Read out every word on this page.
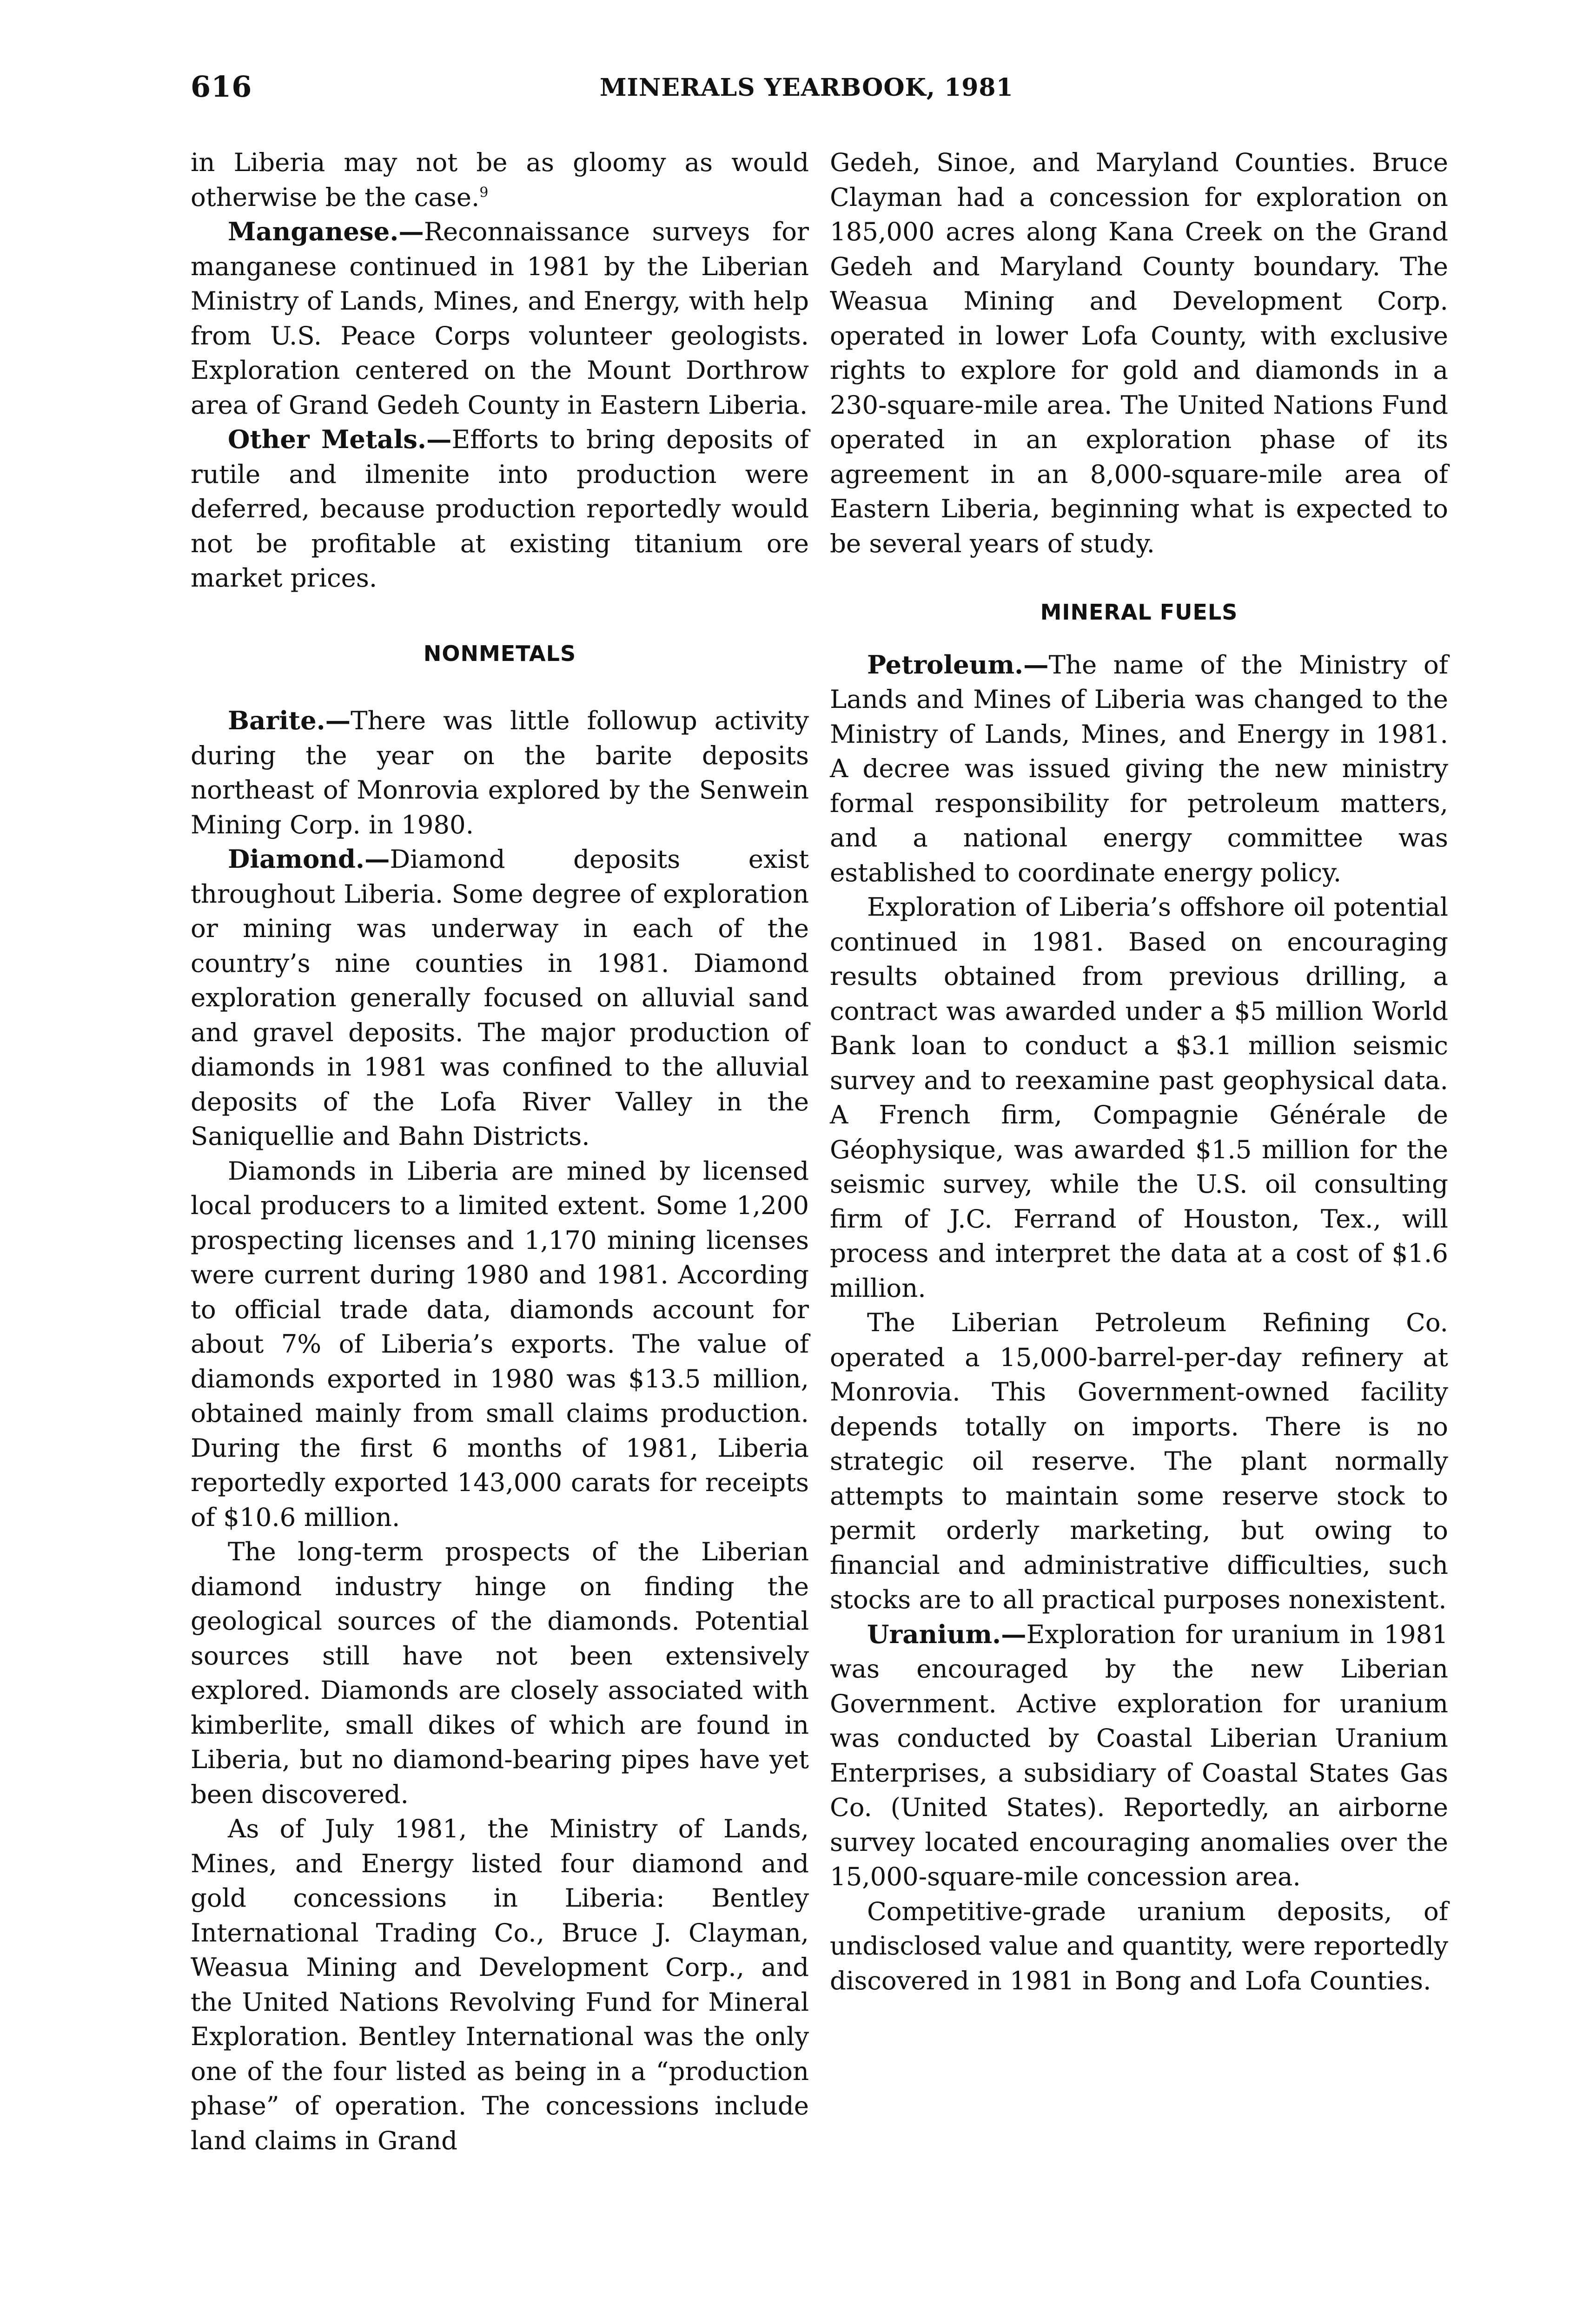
616	MINERALS YEARBOOK, 1981

in Liberia may not be as gloomy as would otherwise be the case.$^9$

Manganese.—Reconnaissance surveys for manganese continued in 1981 by the Liberian Ministry of Lands, Mines, and Energy, with help from U.S. Peace Corps volunteer geologists. Exploration centered on the Mount Dorthrow area of Grand Gedeh County in Eastern Liberia.

Other Metals.—Efforts to bring deposits of rutile and ilmenite into production were deferred, because production reportedly would not be profitable at existing titanium ore market prices.

NONMETALS

Barite.—There was little followup activity during the year on the barite deposits northeast of Monrovia explored by the Senwein Mining Corp. in 1980.

Diamond.—Diamond deposits exist throughout Liberia. Some degree of exploration or mining was underway in each of the country’s nine counties in 1981. Diamond exploration generally focused on alluvial sand and gravel deposits. The major production of diamonds in 1981 was confined to the alluvial deposits of the Lofa River Valley in the Saniquellie and Bahn Districts.

Diamonds in Liberia are mined by licensed local producers to a limited extent. Some 1,200 prospecting licenses and 1,170 mining licenses were current during 1980 and 1981. According to official trade data, diamonds account for about 7% of Liberia’s exports. The value of diamonds exported in 1980 was $13.5 million, obtained mainly from small claims production. During the first 6 months of 1981, Liberia reportedly exported 143,000 carats for receipts of $10.6 million.

The long-term prospects of the Liberian diamond industry hinge on finding the geological sources of the diamonds. Potential sources still have not been extensively explored. Diamonds are closely associated with kimberlite, small dikes of which are found in Liberia, but no diamond-bearing pipes have yet been discovered.

As of July 1981, the Ministry of Lands, Mines, and Energy listed four diamond and gold concessions in Liberia: Bentley International Trading Co., Bruce J. Clayman, Weasua Mining and Development Corp., and the United Nations Revolving Fund for Mineral Exploration. Bentley International was the only one of the four listed as being in a “production phase” of operation. The concessions include land claims in Grand

Gedeh, Sinoe, and Maryland Counties. Bruce Clayman had a concession for exploration on 185,000 acres along Kana Creek on the Grand Gedeh and Maryland County boundary. The Weasua Mining and Development Corp. operated in lower Lofa County, with exclusive rights to explore for gold and diamonds in a 230-square-mile area. The United Nations Fund operated in an exploration phase of its agreement in an 8,000-square-mile area of Eastern Liberia, beginning what is expected to be several years of study.

MINERAL FUELS

Petroleum.—The name of the Ministry of Lands and Mines of Liberia was changed to the Ministry of Lands, Mines, and Energy in 1981. A decree was issued giving the new ministry formal responsibility for petroleum matters, and a national energy committee was established to coordinate energy policy.

Exploration of Liberia’s offshore oil potential continued in 1981. Based on encouraging results obtained from previous drilling, a contract was awarded under a $5 million World Bank loan to conduct a $3.1 million seismic survey and to reexamine past geophysical data. A French firm, Compagnie Générale de Géophysique, was awarded $1.5 million for the seismic survey, while the U.S. oil consulting firm of J.C. Ferrand of Houston, Tex., will process and interpret the data at a cost of $1.6 million.

The Liberian Petroleum Refining Co. operated a 15,000-barrel-per-day refinery at Monrovia. This Government-owned facility depends totally on imports. There is no strategic oil reserve. The plant normally attempts to maintain some reserve stock to permit orderly marketing, but owing to financial and administrative difficulties, such stocks are to all practical purposes nonexistent.

Uranium.—Exploration for uranium in 1981 was encouraged by the new Liberian Government. Active exploration for uranium was conducted by Coastal Liberian Uranium Enterprises, a subsidiary of Coastal States Gas Co. (United States). Reportedly, an airborne survey located encouraging anomalies over the 15,000-square-mile concession area.

Competitive-grade uranium deposits, of undisclosed value and quantity, were reportedly discovered in 1981 in Bong and Lofa Counties.
